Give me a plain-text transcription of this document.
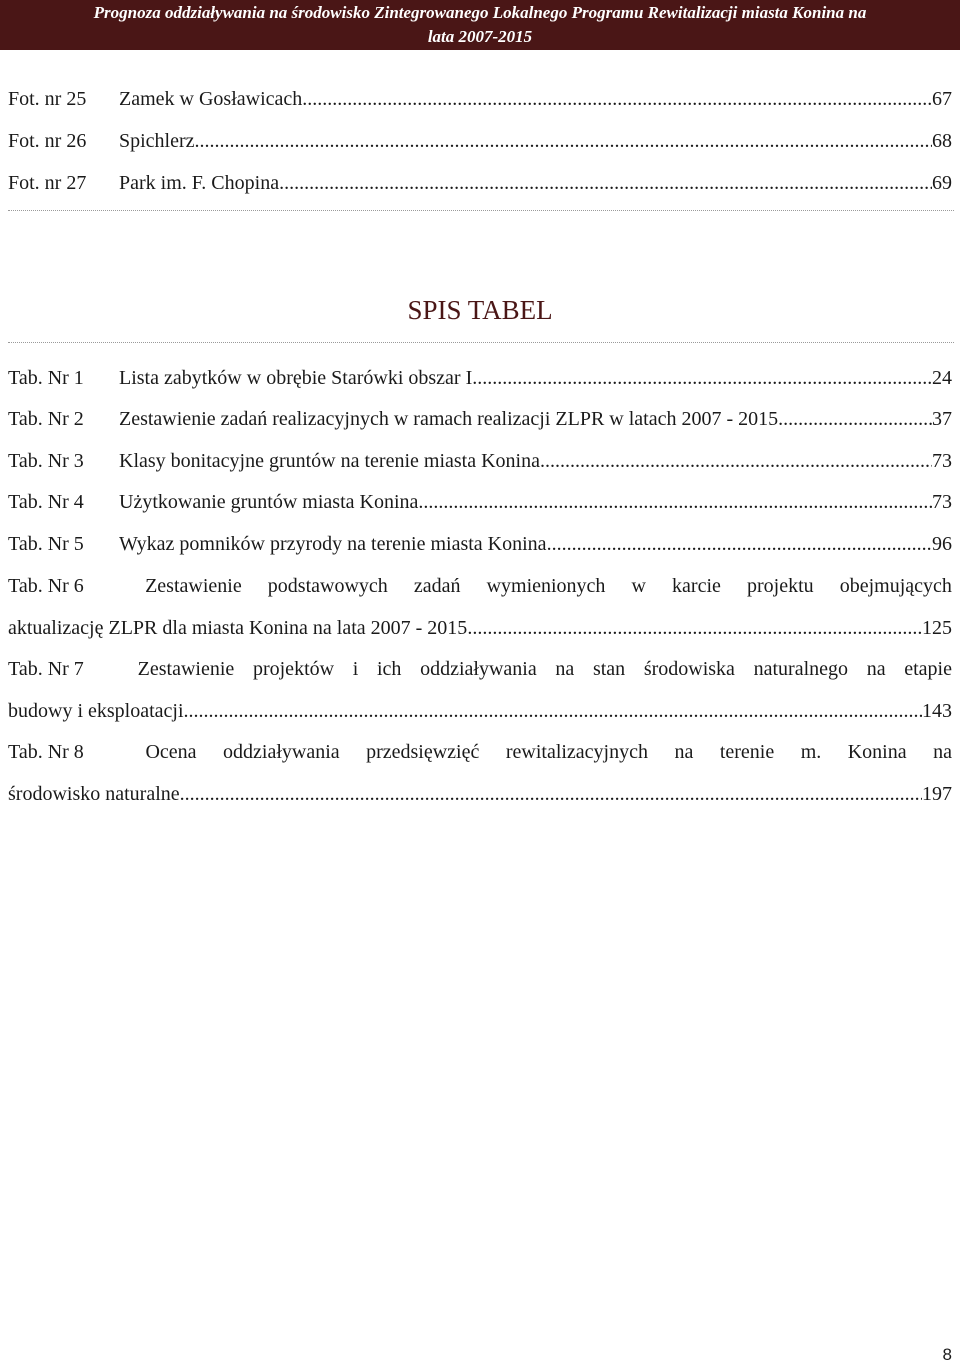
Prognoza oddziaływania na środowisko Zintegrowanego Lokalnego Programu Rewitalizacji miasta Konina na
lata 2007-2015
Fot. nr 25	Zamek w Gosławicach .....	67
Fot. nr 26	Spichlerz .....	68
Fot. nr 27	Park im. F. Chopina .....	69
SPIS TABEL
Tab. Nr 1	Lista zabytków w obrębie Starówki obszar I .....	24
Tab. Nr 2	Zestawienie zadań realizacyjnych w ramach realizacji ZLPR w latach 2007 - 2015 .....	37
Tab. Nr 3	Klasy bonitacyjne gruntów na terenie miasta Konina .....	73
Tab. Nr 4	Użytkowanie gruntów miasta Konina .....	73
Tab. Nr 5	Wykaz pomników przyrody na terenie miasta Konina .....	96
Tab. Nr 6	Zestawienie podstawowych zadań wymienionych w karcie projektu obejmujących
aktualizację ZLPR dla miasta Konina na lata 2007 - 2015 .....	125
Tab. Nr 7	Zestawienie projektów i ich oddziaływania na stan środowiska naturalnego na etapie
budowy i eksploatacji .....	143
Tab. Nr 8	Ocena oddziaływania przedsięwzięć rewitalizacyjnych na terenie m. Konina na
środowisko naturalne .....	197
8
